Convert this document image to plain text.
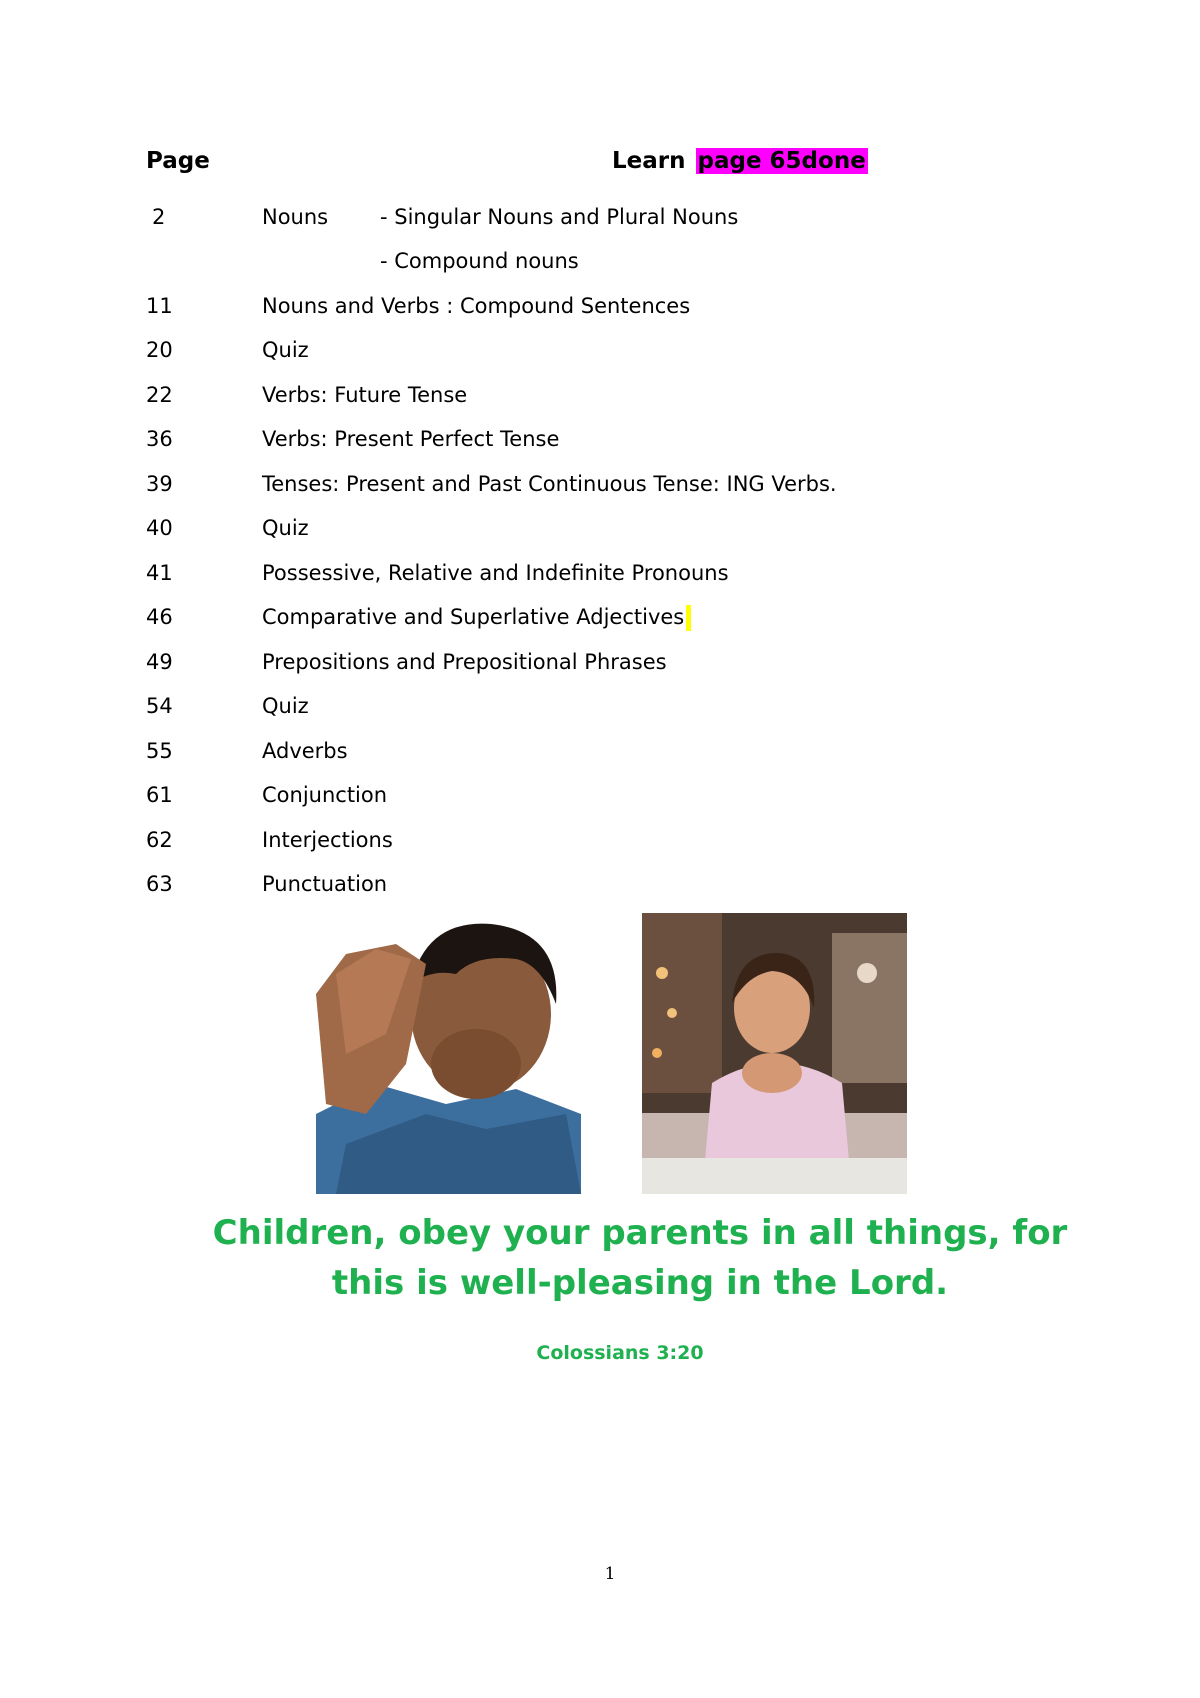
Page	Learn page 65done
2	Nouns - Singular Nouns and Plural Nouns
- Compound nouns
11	Nouns and Verbs : Compound Sentences
20	Quiz
22	Verbs: Future Tense
36	Verbs: Present Perfect Tense
39	Tenses: Present and Past Continuous Tense: ING Verbs.
40	Quiz
41	Possessive, Relative and Indefinite Pronouns
46	Comparative and Superlative Adjectives
49	Prepositions and Prepositional Phrases
54	Quiz
55	Adverbs
61	Conjunction
62	Interjections
63	Punctuation
Children, obey your parents in all things, for
this is well-pleasing in the Lord.
Colossians 3:20
1
